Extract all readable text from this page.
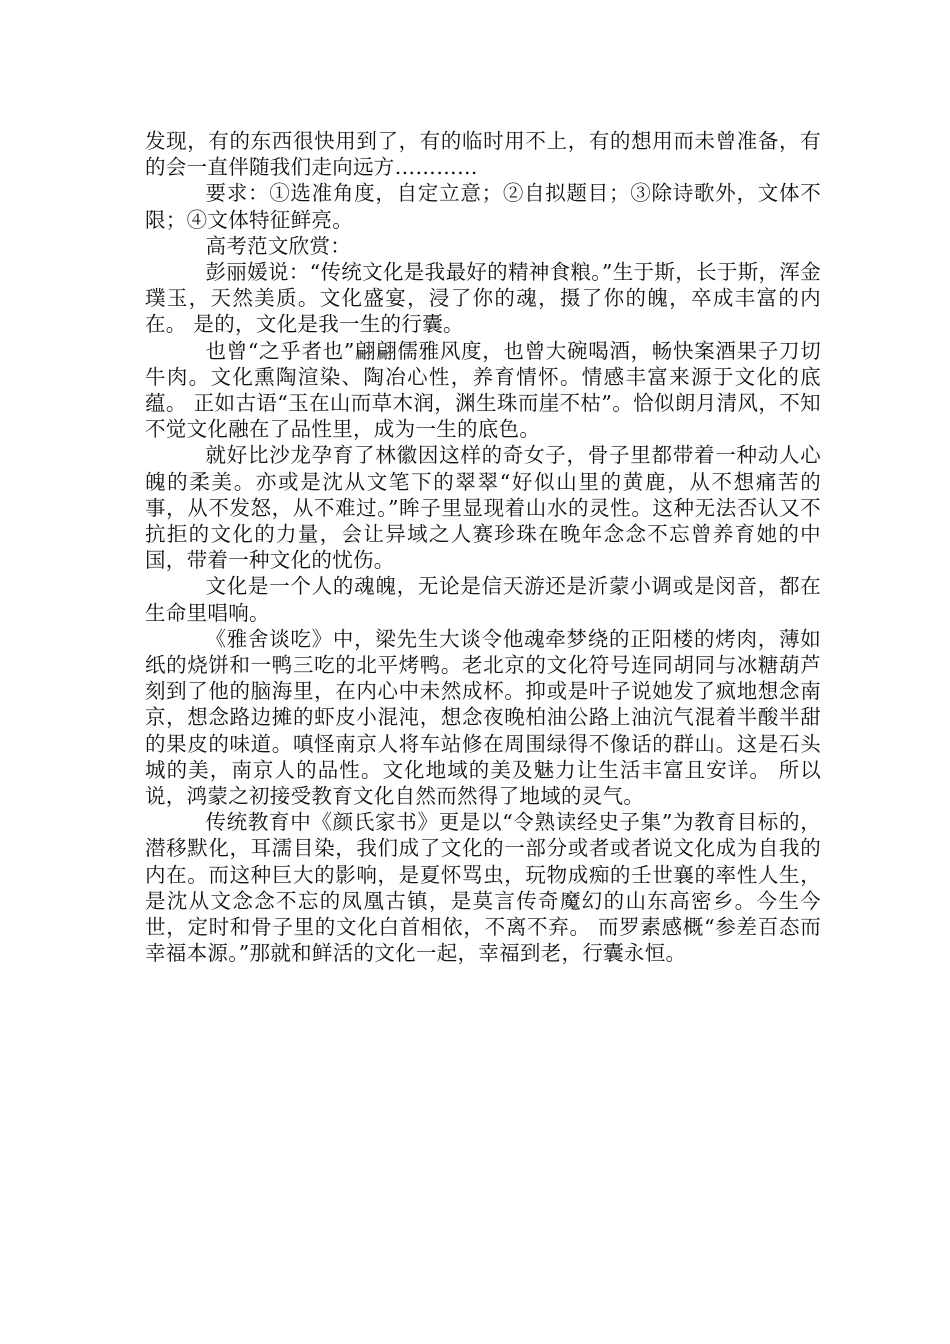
发现，有的东西很快用到了，有的临时用不上，有的想用而未曾准备，有的会一直伴随我们走向远方…………

要求：①选准角度，自定立意；②自拟题目；③除诗歌外，文体不限；④文体特征鲜亮。

高考范文欣赏：

彭丽媛说：“传统文化是我最好的精神食粮。”生于斯，长于斯，浑金璞玉，天然美质。文化盛宴，浸了你的魂，摄了你的魄，卒成丰富的内在。 是的，文化是我一生的行囊。

也曾“之乎者也”翩翩儒雅风度，也曾大碗喝酒，畅快案酒果子刀切牛肉。文化熏陶渲染、陶冶心性，养育情怀。情感丰富来源于文化的底蕴。 正如古语“玉在山而草木润，渊生珠而崖不枯”。恰似朗月清风，不知不觉文化融在了品性里，成为一生的底色。

就好比沙龙孕育了林徽因这样的奇女子，骨子里都带着一种动人心魄的柔美。亦或是沈从文笔下的翠翠“好似山里的黄鹿，从不想痛苦的事，从不发怒，从不难过。”眸子里显现着山水的灵性。这种无法否认又不抗拒的文化的力量，会让异域之人赛珍珠在晚年念念不忘曾养育她的中国，带着一种文化的忧伤。

文化是一个人的魂魄，无论是信天游还是沂蒙小调或是闵音，都在生命里唱响。

《雅舍谈吃》中，梁先生大谈令他魂牵梦绕的正阳楼的烤肉，薄如纸的烧饼和一鸭三吃的北平烤鸭。老北京的文化符号连同胡同与冰糖葫芦刻到了他的脑海里，在内心中未然成杯。抑或是叶子说她发了疯地想念南京，想念路边摊的虾皮小混沌，想念夜晚柏油公路上油沆气混着半酸半甜的果皮的味道。嗔怪南京人将车站修在周围绿得不像话的群山。这是石头城的美，南京人的品性。文化地域的美及魅力让生活丰富且安详。 所以说，鸿蒙之初接受教育文化自然而然得了地域的灵气。

传统教育中《颜氏家书》更是以“令熟读经史子集”为教育目标的，潜移默化，耳濡目染，我们成了文化的一部分或者或者说文化成为自我的内在。而这种巨大的影响，是夏怀骂虫，玩物成痴的壬世襄的率性人生，是沈从文念念不忘的凤凰古镇，是莫言传奇魔幻的山东高密乡。今生今世，定时和骨子里的文化白首相依，不离不弃。 而罗素感概“参差百态而幸福本源。”那就和鲜活的文化一起，幸福到老，行囊永恒。
